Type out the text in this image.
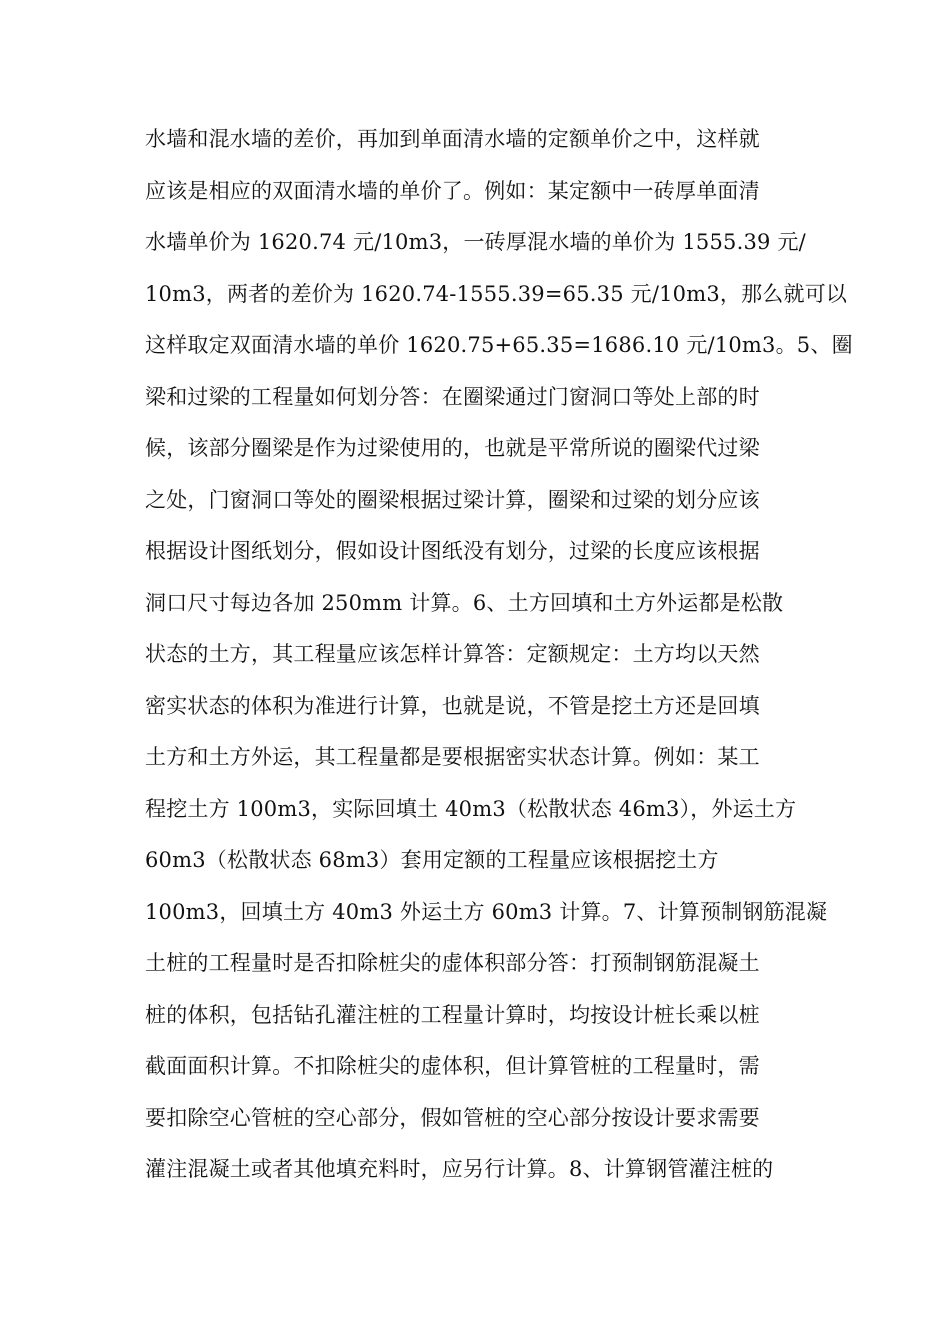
水墙和混水墙的差价，再加到单面清水墙的定额单价之中，这样就
应该是相应的双面清水墙的单价了。例如：某定额中一砖厚单面清
水墙单价为 1620.74 元/10m3，一砖厚混水墙的单价为 1555.39 元/
10m3，两者的差价为 1620.74-1555.39=65.35 元/10m3，那么就可以
这样取定双面清水墙的单价 1620.75+65.35=1686.10 元/10m3。5、圈
梁和过梁的工程量如何划分答：在圈梁通过门窗洞口等处上部的时
候，该部分圈梁是作为过梁使用的，也就是平常所说的圈梁代过梁
之处，门窗洞口等处的圈梁根据过梁计算，圈梁和过梁的划分应该
根据设计图纸划分，假如设计图纸没有划分，过梁的长度应该根据
洞口尺寸每边各加 250mm 计算。6、土方回填和土方外运都是松散
状态的土方，其工程量应该怎样计算答：定额规定：土方均以天然
密实状态的体积为准进行计算，也就是说，不管是挖土方还是回填
土方和土方外运，其工程量都是要根据密实状态计算。例如：某工
程挖土方 100m3，实际回填土 40m3（松散状态 46m3），外运土方
60m3（松散状态 68m3）套用定额的工程量应该根据挖土方
100m3，回填土方 40m3 外运土方 60m3 计算。7、计算预制钢筋混凝
土桩的工程量时是否扣除桩尖的虚体积部分答：打预制钢筋混凝土
桩的体积，包括钻孔灌注桩的工程量计算时，均按设计桩长乘以桩
截面面积计算。不扣除桩尖的虚体积，但计算管桩的工程量时，需
要扣除空心管桩的空心部分，假如管桩的空心部分按设计要求需要
灌注混凝土或者其他填充料时，应另行计算。8、计算钢管灌注桩的
